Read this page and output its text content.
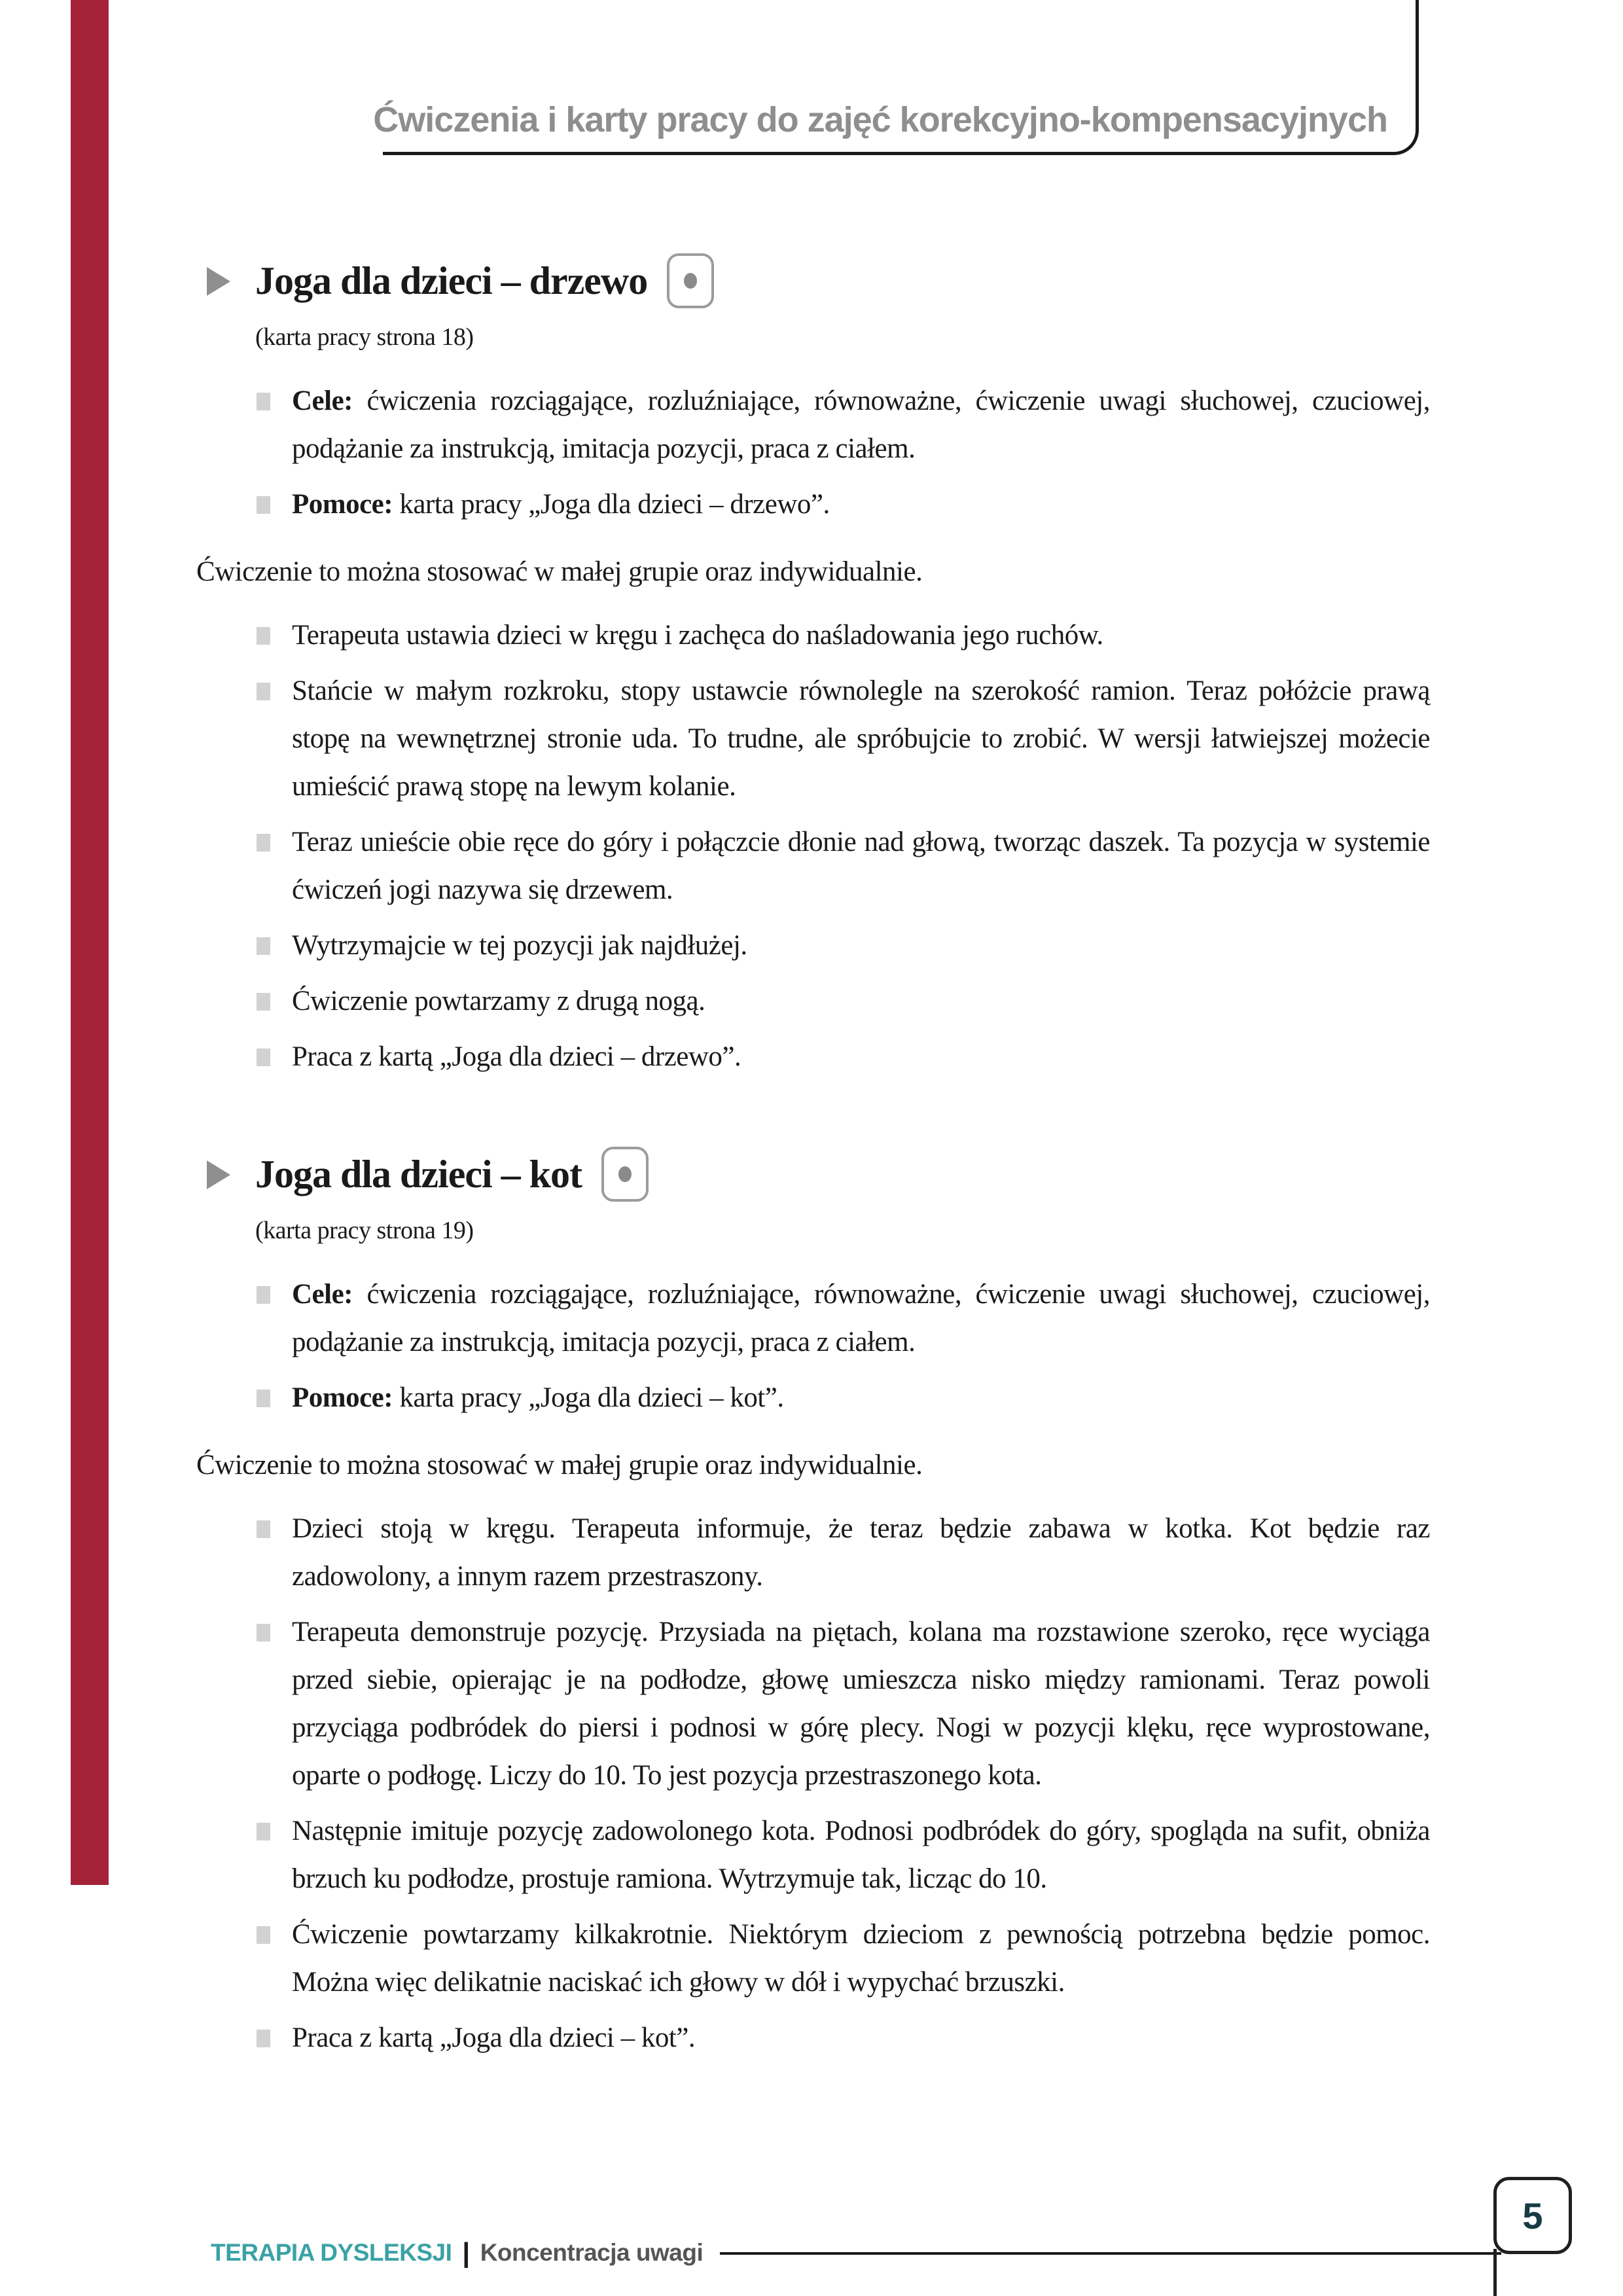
Ćwiczenia i karty pracy do zajęć korekcyjno-kompensacyjnych
Joga dla dzieci – drzewo
(karta pracy strona 18)
Cele: ćwiczenia rozciągające, rozluźniające, równoważne, ćwiczenie uwagi słuchowej, czuciowej, podążanie za instrukcją, imitacja pozycji, praca z ciałem.
Pomoce: karta pracy „Joga dla dzieci – drzewo”.

Ćwiczenie to można stosować w małej grupie oraz indywidualnie.

Terapeuta ustawia dzieci w kręgu i zachęca do naśladowania jego ruchów.
Stańcie w małym rozkroku, stopy ustawcie równolegle na szerokość ramion. Teraz połóżcie prawą stopę na wewnętrznej stronie uda. To trudne, ale spróbujcie to zrobić. W wersji łatwiejszej możecie umieścić prawą stopę na lewym kolanie.
Teraz unieście obie ręce do góry i połączcie dłonie nad głową, tworząc daszek. Ta pozycja w systemie ćwiczeń jogi nazywa się drzewem.
Wytrzymajcie w tej pozycji jak najdłużej.
Ćwiczenie powtarzamy z drugą nogą.
Praca z kartą „Joga dla dzieci – drzewo”.
Joga dla dzieci – kot
(karta pracy strona 19)
Cele: ćwiczenia rozciągające, rozluźniające, równoważne, ćwiczenie uwagi słuchowej, czuciowej, podążanie za instrukcją, imitacja pozycji, praca z ciałem.
Pomoce: karta pracy „Joga dla dzieci – kot”.

Ćwiczenie to można stosować w małej grupie oraz indywidualnie.

Dzieci stoją w kręgu. Terapeuta informuje, że teraz będzie zabawa w kotka. Kot będzie raz zadowolony, a innym razem przestraszony.
Terapeuta demonstruje pozycję. Przysiada na piętach, kolana ma rozstawione szeroko, ręce wyciąga przed siebie, opierając je na podłodze, głowę umieszcza nisko między ramionami. Teraz powoli przyciąga podbródek do piersi i podnosi w górę plecy. Nogi w pozycji klęku, ręce wyprostowane, oparte o podłogę. Liczy do 10. To jest pozycja przestraszonego kota.
Następnie imituje pozycję zadowolonego kota. Podnosi podbródek do góry, spogląda na sufit, obniża brzuch ku podłodze, prostuje ramiona. Wytrzymuje tak, licząc do 10.
Ćwiczenie powtarzamy kilkakrotnie. Niektórym dzieciom z pewnością potrzebna będzie pomoc. Można więc delikatnie naciskać ich głowy w dół i wypychać brzuszki.
Praca z kartą „Joga dla dzieci – kot”.
TERAPIA DYSLEKSJI | Koncentracja uwagi
5
